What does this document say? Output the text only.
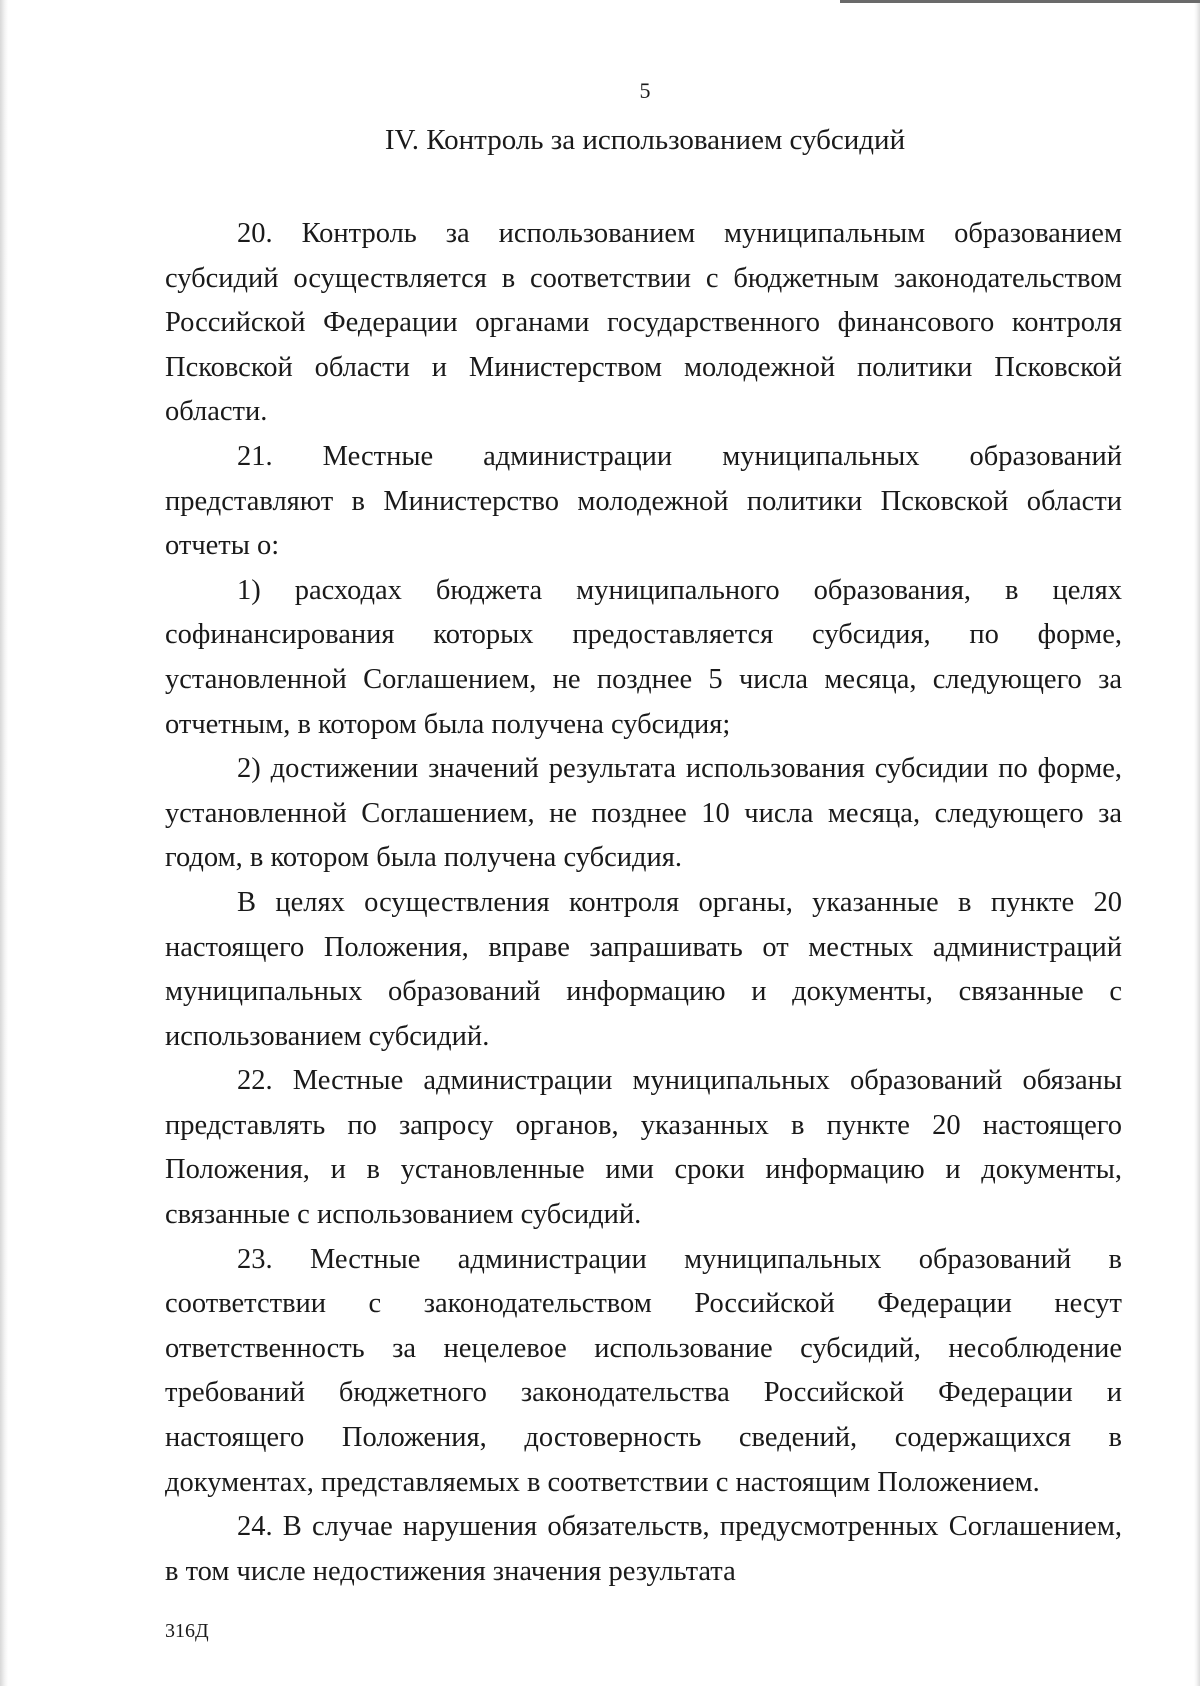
5
IV. Контроль за использованием субсидий

20. Контроль за использованием муниципальным образованием субсидий осуществляется в соответствии с бюджетным законодательством Российской Федерации органами государственного финансового контроля Псковской области и Министерством молодежной политики Псковской области.

21. Местные администрации муниципальных образований представляют в Министерство молодежной политики Псковской области отчеты о:

1) расходах бюджета муниципального образования, в целях софинансирования которых предоставляется субсидия, по форме, установленной Соглашением, не позднее 5 числа месяца, следующего за отчетным, в котором была получена субсидия;

2) достижении значений результата использования субсидии по форме, установленной Соглашением, не позднее 10 числа месяца, следующего за годом, в котором была получена субсидия.

В целях осуществления контроля органы, указанные в пункте 20 настоящего Положения, вправе запрашивать от местных администраций муниципальных образований информацию и документы, связанные с использованием субсидий.

22. Местные администрации муниципальных образований обязаны представлять по запросу органов, указанных в пункте 20 настоящего Положения, и в установленные ими сроки информацию и документы, связанные с использованием субсидий.

23. Местные администрации муниципальных образований в соответствии с законодательством Российской Федерации несут ответственность за нецелевое использование субсидий, несоблюдение требований бюджетного законодательства Российской Федерации и настоящего Положения, достоверность сведений, содержащихся в документах, представляемых в соответствии с настоящим Положением.

24. В случае нарушения обязательств, предусмотренных Соглашением, в том числе недостижения значения результата

316Д
